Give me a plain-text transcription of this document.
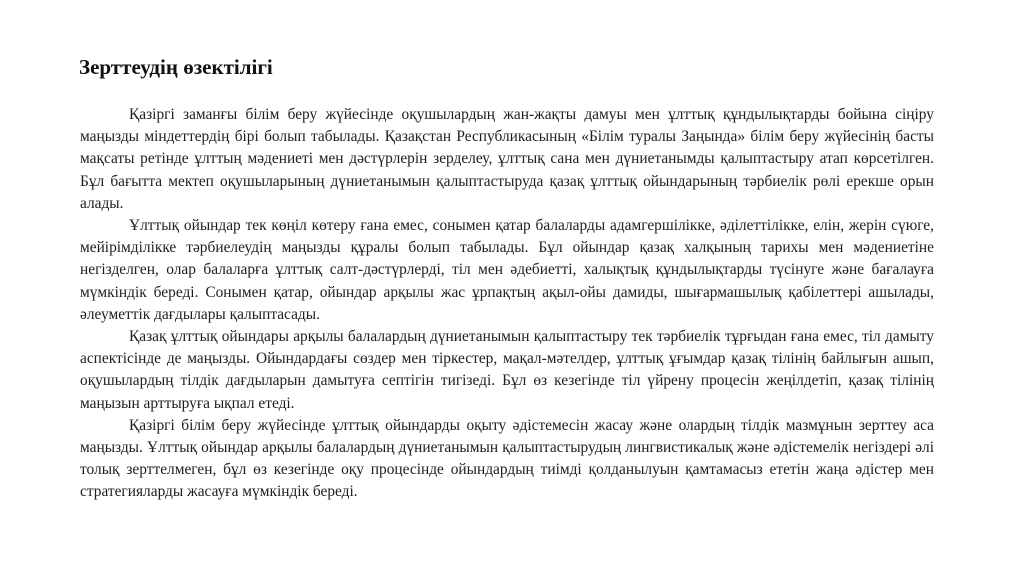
Зерттеудің өзектілігі

Қазіргі заманғы білім беру жүйесінде оқушылардың жан-жақты дамуы мен ұлттық құндылықтарды бойына сіңіру маңызды міндеттердің бірі болып табылады. Қазақстан Республикасының «Білім туралы Заңында» білім беру жүйесінің басты мақсаты ретінде ұлттың мәдениеті мен дәстүрлерін зерделеу, ұлттық сана мен дүниетанымды қалыптастыру атап көрсетілген. Бұл бағытта мектеп оқушыларының дүниетанымын қалыптастыруда қазақ ұлттық ойындарының тәрбиелік рөлі ерекше орын алады.

Ұлттық ойындар тек көңіл көтеру ғана емес, сонымен қатар балаларды адамгершілікке, әділеттілікке, елін, жерін сүюге, мейірімділікке тәрбиелеудің маңызды құралы болып табылады. Бұл ойындар қазақ халқының тарихы мен мәдениетіне негізделген, олар балаларға ұлттық салт-дәстүрлерді, тіл мен әдебиетті, халықтық құндылықтарды түсінуге және бағалауға мүмкіндік береді. Сонымен қатар, ойындар арқылы жас ұрпақтың ақыл-ойы дамиды, шығармашылық қабілеттері ашылады, әлеуметтік дағдылары қалыптасады.

Қазақ ұлттық ойындары арқылы балалардың дүниетанымын қалыптастыру тек тәрбиелік тұрғыдан ғана емес, тіл дамыту аспектісінде де маңызды. Ойындардағы сөздер мен тіркестер, мақал-мәтелдер, ұлттық ұғымдар қазақ тілінің байлығын ашып, оқушылардың тілдік дағдыларын дамытуға септігін тигізеді. Бұл өз кезегінде тіл үйрену процесін жеңілдетіп, қазақ тілінің маңызын арттыруға ықпал етеді.

Қазіргі білім беру жүйесінде ұлттық ойындарды оқыту әдістемесін жасау және олардың тілдік мазмұнын зерттеу аса маңызды. Ұлттық ойындар арқылы балалардың дүниетанымын қалыптастырудың лингвистикалық және әдістемелік негіздері әлі толық зерттелмеген, бұл өз кезегінде оқу процесінде ойындардың тиімді қолданылуын қамтамасыз ететін жаңа әдістер мен стратегияларды жасауға мүмкіндік береді.
